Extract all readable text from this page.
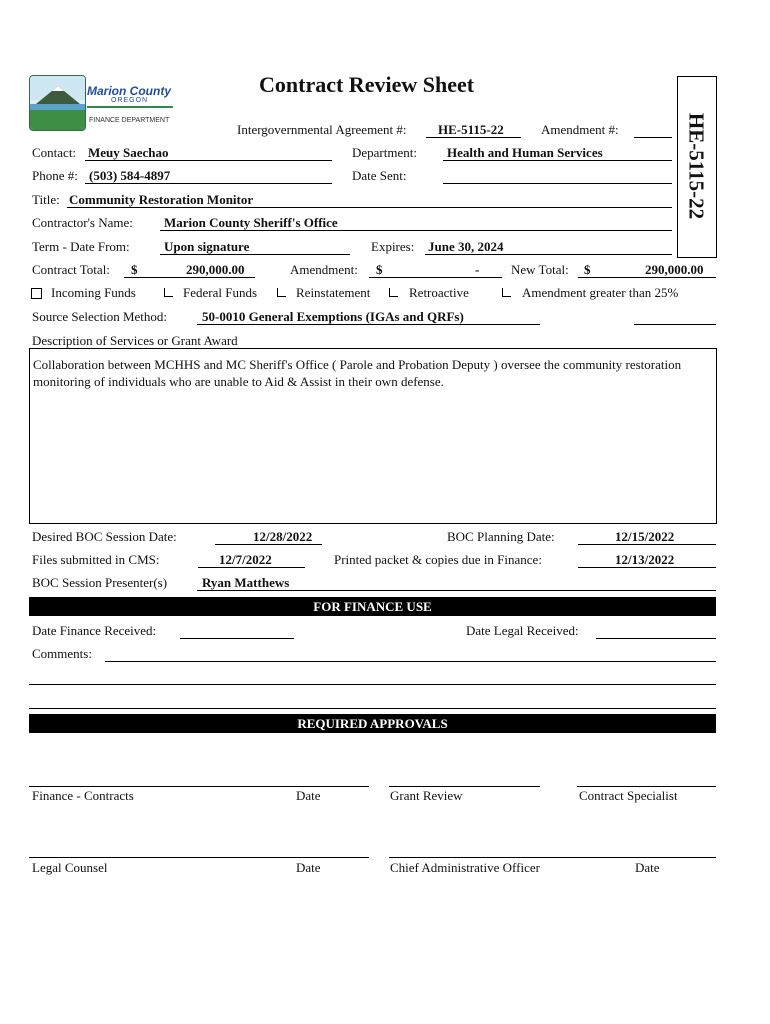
Marion County
OREGON
FINANCE DEPARTMENT
Contract Review Sheet
HE-5115-22
Intergovernmental Agreement #: HE-5115-22	Amendment #:
Contact: Meuy Saechao	Department: Health and Human Services
Phone #: (503) 584-4897	Date Sent:
Title: Community Restoration Monitor
Contractor's Name: Marion County Sheriff's Office
Term - Date From:	Upon signature	Expires: June 30, 2024
Contract Total: $	290,000.00	Amendment: $	- New Total: $	290,000.00
Incoming Funds	Federal Funds	Reinstatement	Retroactive	Amendment greater than 25%
Source Selection Method:	50-0010 General Exemptions (IGAs and QRFs)
Description of Services or Grant Award
Collaboration between MCHHS and MC Sheriff's Office ( Parole and Probation Deputy ) oversee the community restoration monitoring of individuals who are unable to Aid & Assist in their own defense.
Desired BOC Session Date:	12/28/2022	BOC Planning Date:	12/15/2022
Files submitted in CMS:	12/7/2022	Printed packet & copies due in Finance:	12/13/2022
BOC Session Presenter(s)	Ryan Matthews
FOR FINANCE USE
Date Finance Received:	Date Legal Received:
Comments:
REQUIRED APPROVALS
Finance - Contracts	Date	Grant Review	Contract Specialist
Legal Counsel	Date	Chief Administrative Officer	Date
